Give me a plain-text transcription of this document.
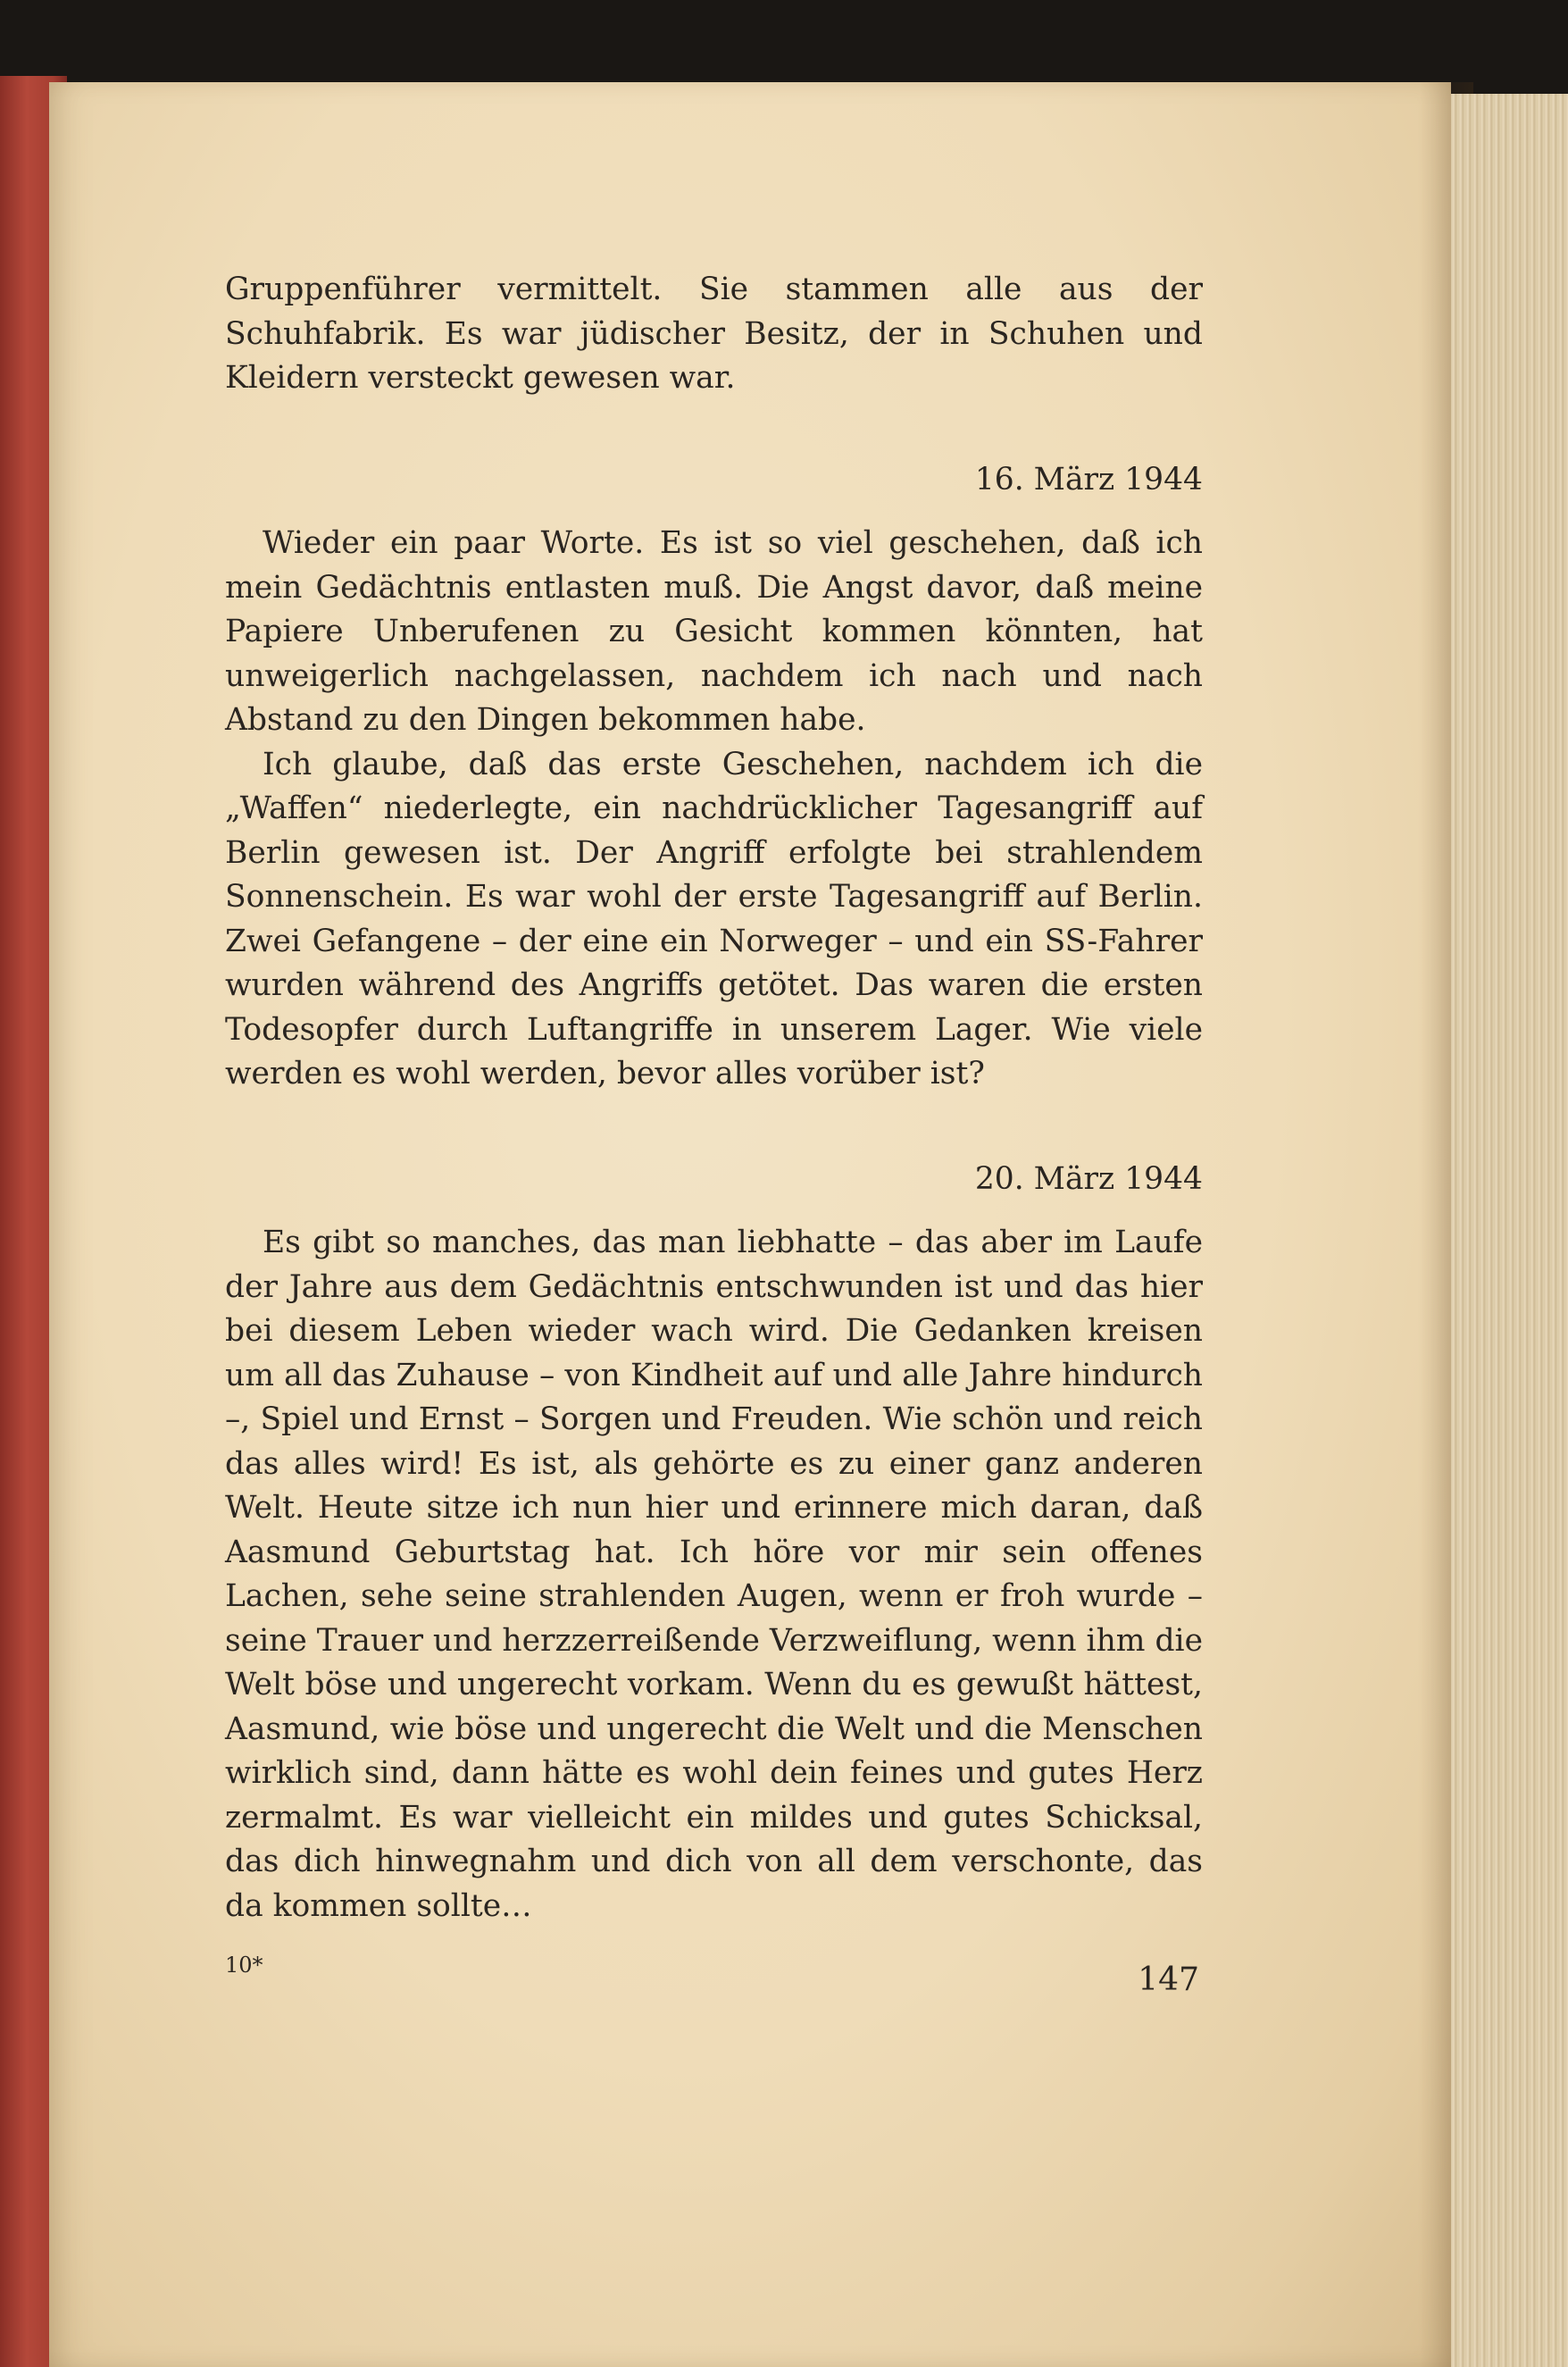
Gruppenführer vermittelt. Sie stammen alle aus der Schuhfabrik. Es war jüdischer Besitz, der in Schuhen und Kleidern versteckt gewesen war.

16. März 1944

Wieder ein paar Worte. Es ist so viel geschehen, daß ich mein Gedächtnis entlasten muß. Die Angst davor, daß meine Papiere Unberufenen zu Gesicht kommen könnten, hat unweigerlich nachgelassen, nachdem ich nach und nach Abstand zu den Dingen bekommen habe.

Ich glaube, daß das erste Geschehen, nachdem ich die „Waffen“ niederlegte, ein nachdrücklicher Tagesangriff auf Berlin gewesen ist. Der Angriff erfolgte bei strahlendem Sonnenschein. Es war wohl der erste Tagesangriff auf Berlin. Zwei Gefangene – der eine ein Norweger – und ein SS-Fahrer wurden während des Angriffs getötet. Das waren die ersten Todesopfer durch Luftangriffe in unserem Lager. Wie viele werden es wohl werden, bevor alles vorüber ist?

20. März 1944

Es gibt so manches, das man liebhatte – das aber im Laufe der Jahre aus dem Gedächtnis entschwunden ist und das hier bei diesem Leben wieder wach wird. Die Gedanken kreisen um all das Zuhause – von Kindheit auf und alle Jahre hindurch –, Spiel und Ernst – Sorgen und Freuden. Wie schön und reich das alles wird! Es ist, als gehörte es zu einer ganz anderen Welt. Heute sitze ich nun hier und erinnere mich daran, daß Aasmund Geburtstag hat. Ich höre vor mir sein offenes Lachen, sehe seine strahlenden Augen, wenn er froh wurde – seine Trauer und herzzerreißende Verzweiflung, wenn ihm die Welt böse und ungerecht vorkam. Wenn du es gewußt hättest, Aasmund, wie böse und ungerecht die Welt und die Menschen wirklich sind, dann hätte es wohl dein feines und gutes Herz zermalmt. Es war vielleicht ein mildes und gutes Schicksal, das dich hinwegnahm und dich von all dem verschonte, das da kommen sollte…

10*	147
